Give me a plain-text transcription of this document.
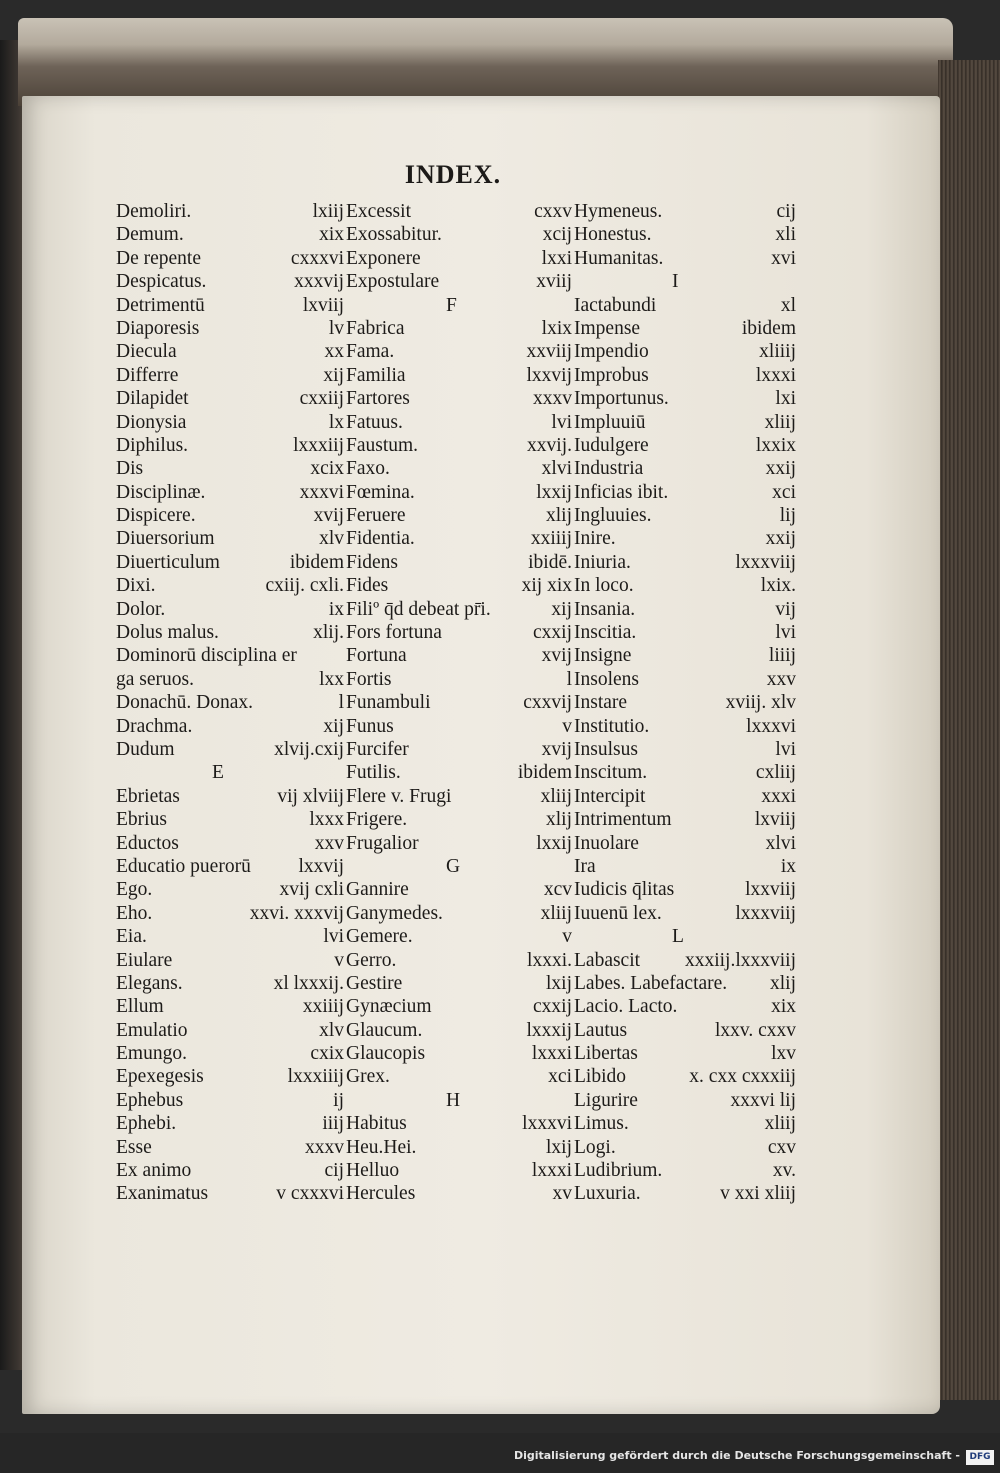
INDEX.
Demoliri.	lxiij
Demum.	xix
De repente	cxxxvi
Despicatus.	xxxvij
Detrimentū	lxviij
Diaporesis	lv
Diecula	xx
Differre	xij
Dilapidet	cxxiij
Dionysia	lx
Diphilus.	lxxxiij
Dis	xcix
Disciplinæ.	xxxvi
Dispicere.	xvij
Diuersorium	xlv
Diuerticulum	ibidem
Dixi.	cxiij. cxli.
Dolor.	ix
Dolus malus.	xlij.
Dominorū disciplina er
ga seruos.	lxx
Donachū. Donax.	l
Drachma.	xij
Dudum	xlvij.cxij
E
Ebrietas	vij xlviij
Ebrius	lxxx
Eductos	xxv
Educatio puerorū lxxvij
Ego.	xvij cxli
Eho.	xxvi. xxxvij
Eia.	lvi
Eiulare	v
Elegans.	xl lxxxij.
Ellum	xxiiij
Emulatio	xlv
Emungo.	cxix
Epexegesis	lxxxiiij
Ephebus	ij
Ephebi.	iiij
Esse	xxxv
Ex animo	cij
Exanimatus	v cxxxvi
Excessit	cxxv
Exossabitur.	xcij
Exponere	lxxi
Expostulare	xviij
F
Fabrica	lxix
Fama.	xxviij
Familia	lxxvij
Fartores	xxxv
Fatuus.	lvi
Faustum.	xxvij.
Faxo.	xlvi
Fœmina.	lxxij
Feruere	xlij
Fidentia.	xxiiij
Fidens	ibidē.
Fides	xij xix
Filiº q̄d debeat pr̄i.	xij
Fors fortuna	cxxij
Fortuna	xvij
Fortis	l
Funambuli	cxxvij
Funus	v
Furcifer	xvij
Futilis.	ibidem
Flere v. Frugi	xliij
Frigere.	xlij
Frugalior	lxxij
G
Gannire	xcv
Ganymedes.	xliij
Gemere.	v
Gerro.	lxxxi.
Gestire	lxij
Gynæcium	cxxij
Glaucum.	lxxxij
Glaucopis	lxxxi
Grex.	xci
H
Habitus	lxxxvi
Heu.Hei.	lxij
Helluo	lxxxi
Hercules	xv
Hymeneus.	cij
Honestus.	xli
Humanitas.	xvi
I
Iactabundi	xl
Impense	ibidem
Impendio	xliiij
Improbus	lxxxi
Importunus.	lxi
Impluuiū	xliij
Iudulgere	lxxix
Industria	xxij
Inficias ibit.	xci
Ingluuies.	lij
Inire.	xxij
Iniuria.	lxxxviij
In loco.	lxix.
Insania.	vij
Inscitia.	lvi
Insigne	liiij
Insolens	xxv
Instare	xviij. xlv
Institutio.	lxxxvi
Insulsus	lvi
Inscitum.	cxliij
Intercipit	xxxi
Intrimentum	lxviij
Inuolare	xlvi
Ira	ix
Iudicis q̄litas	lxxviij
Iuuenū lex.	lxxxviij
L
Labascit xxxiij.lxxxviij
Labes. Labefactare. xlij
Lacio. Lacto.	xix
Lautus	lxxv. cxxv
Libertas	lxv
Libido	x. cxx cxxxiij
Ligurire	xxxvi lij
Limus.	xliij
Logi.	cxv
Ludibrium.	xv.
Luxuria.	v xxi xliij
Digitalisierung gefördert durch die Deutsche Forschungsgemeinschaft -	DFG
